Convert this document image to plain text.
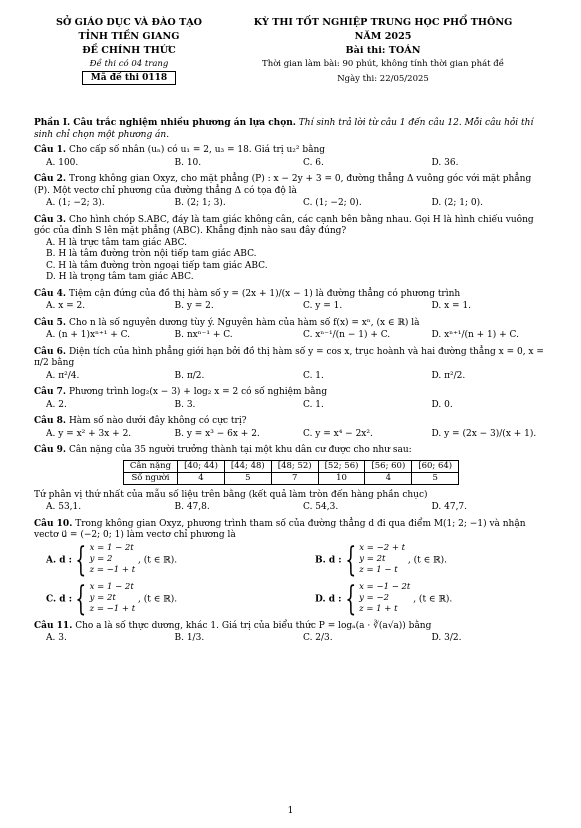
SỞ GIÁO DỤC VÀ ĐÀO TẠO
TỈNH TIỀN GIANG
ĐỀ CHÍNH THỨC
Đề thi có 04 trang
Mã đề thi 0118
KỲ THI TỐT NGHIỆP TRUNG HỌC PHỔ THÔNG
NĂM 2025
Bài thi: TOÁN
Thời gian làm bài: 90 phút, không tính thời gian phát đề
Ngày thi: 22/05/2025
Phần I. Câu trắc nghiệm nhiều phương án lựa chọn. Thí sinh trả lời từ câu 1 đến câu 12. Mỗi câu hỏi thí sinh chỉ chọn một phương án.
Câu 1. Cho cấp số nhân (uₙ) có u₁ = 2, u₃ = 18. Giá trị u₂² bằng
A. 100.	B. 10.	C. 6.	D. 36.
Câu 2. Trong không gian Oxyz, cho mặt phẳng (P) : x − 2y + 3 = 0, đường thẳng Δ vuông góc với mặt phẳng (P). Một vectơ chỉ phương của đường thẳng Δ có tọa độ là
A. (1; −2; 3).	B. (2; 1; 3).	C. (1; −2; 0).	D. (2; 1; 0).
Câu 3. Cho hình chóp S.ABC, đáy là tam giác không cân, các cạnh bên bằng nhau. Gọi H là hình chiếu vuông góc của đỉnh S lên mặt phẳng (ABC). Khẳng định nào sau đây đúng?
A. H là trực tâm tam giác ABC.
B. H là tâm đường tròn nội tiếp tam giác ABC.
C. H là tâm đường tròn ngoại tiếp tam giác ABC.
D. H là trọng tâm tam giác ABC.
Câu 4. Tiệm cận đứng của đồ thị hàm số y = (2x + 1)/(x − 1) là đường thẳng có phương trình
A. x = 2.	B. y = 2.	C. y = 1.	D. x = 1.
Câu 5. Cho n là số nguyên dương tùy ý. Nguyên hàm của hàm số f(x) = xⁿ, (x ∈ ℝ) là
A. (n + 1)xⁿ⁺¹ + C.	B. nxⁿ⁻¹ + C.	C. xⁿ⁻¹/(n − 1) + C.	D. xⁿ⁺¹/(n + 1) + C.
Câu 6. Diện tích của hình phẳng giới hạn bởi đồ thị hàm số y = cos x, trục hoành và hai đường thẳng x = 0, x = π/2 bằng
A. π²/4.	B. π/2.	C. 1.	D. π²/2.
Câu 7. Phương trình log₂(x − 3) + log₂ x = 2 có số nghiệm bằng
A. 2.	B. 3.	C. 1.	D. 0.
Câu 8. Hàm số nào dưới đây không có cực trị?
A. y = x² + 3x + 2.	B. y = x³ − 6x + 2.	C. y = x⁴ − 2x².	D. y = (2x − 3)/(x + 1).
Câu 9. Cân nặng của 35 người trưởng thành tại một khu dân cư được cho như sau:
Cân nặng	[40; 44)	[44; 48)	[48; 52)	[52; 56)	[56; 60)	[60; 64)
Số người	4	5	7	10	4	5
Tứ phân vị thứ nhất của mẫu số liệu trên bằng (kết quả làm tròn đến hàng phần chục)
A. 53,1.	B. 47,8.	C. 54,3.	D. 47,7.
Câu 10. Trong không gian Oxyz, phương trình tham số của đường thẳng d đi qua điểm M(1; 2; −1) và nhận vectơ u⃗ = (−2; 0; 1) làm vectơ chỉ phương là
A. d : { x = 1 − 2t
y = 2
z = −1 + t
, (t ∈ ℝ).	B. d : { x = −2 + t
y = 2t
z = 1 − t
, (t ∈ ℝ).
C. d : { x = 1 − 2t
y = 2t
z = −1 + t
, (t ∈ ℝ).	D. d : { x = −1 − 2t
y = −2
z = 1 + t
, (t ∈ ℝ).
Câu 11. Cho a là số thực dương, khác 1. Giá trị của biểu thức P = logₐ(a · ∛(a√a)) bằng
A. 3.	B. 1/3.	C. 2/3.	D. 3/2.
1
